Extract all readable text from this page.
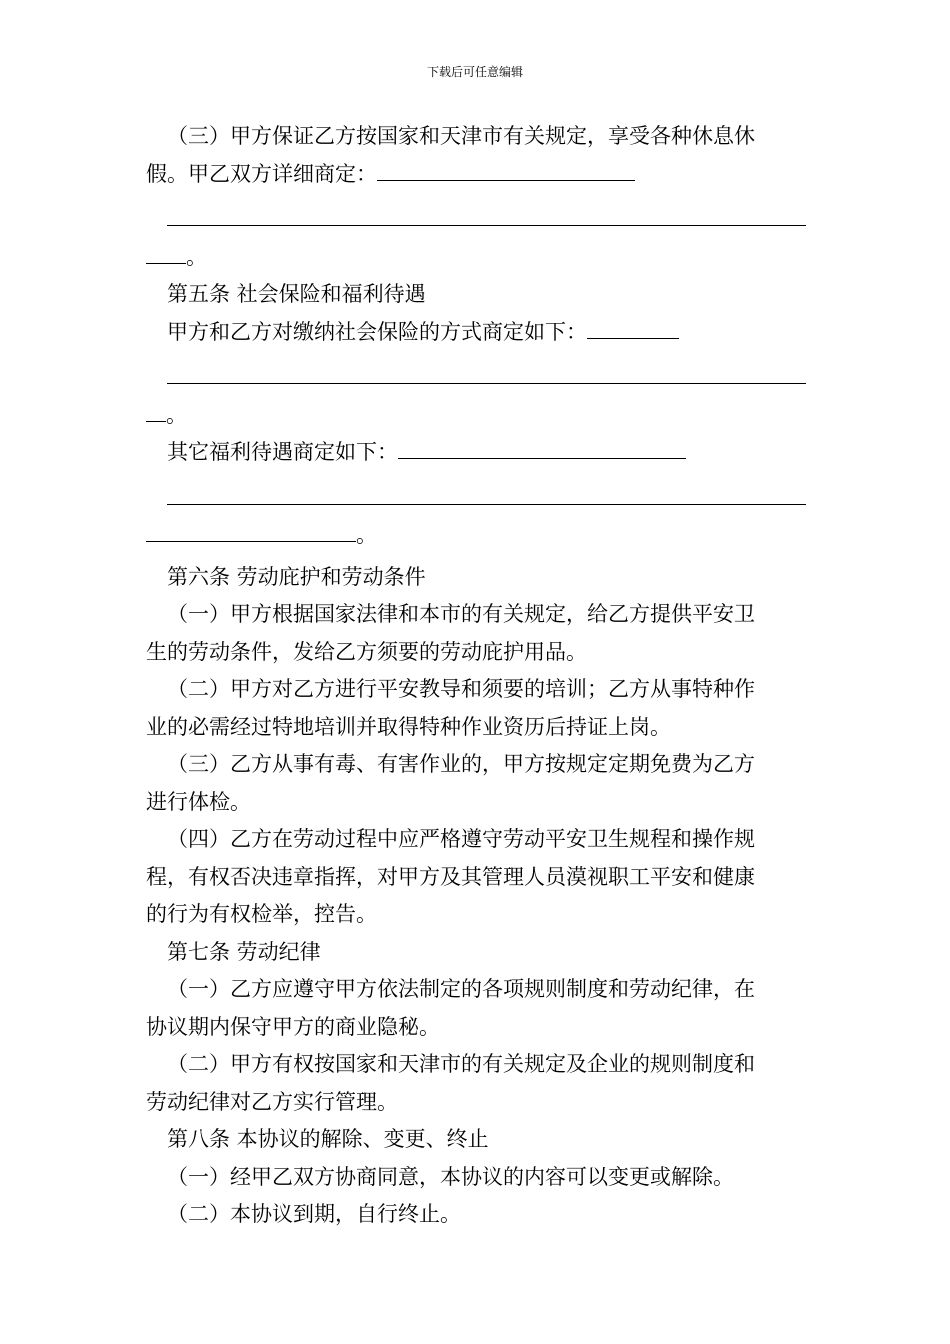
下载后可任意编辑
（三）甲方保证乙方按国家和天津市有关规定，享受各种休息休
假。甲乙双方详细商定：
。
第五条 社会保险和福利待遇
甲方和乙方对缴纳社会保险的方式商定如下：
。
其它福利待遇商定如下：
。
第六条 劳动庇护和劳动条件
（一）甲方根据国家法律和本市的有关规定，给乙方提供平安卫
生的劳动条件，发给乙方须要的劳动庇护用品。
（二）甲方对乙方进行平安教导和须要的培训；乙方从事特种作
业的必需经过特地培训并取得特种作业资历后持证上岗。
（三）乙方从事有毒、有害作业的，甲方按规定定期免费为乙方
进行体检。
（四）乙方在劳动过程中应严格遵守劳动平安卫生规程和操作规
程，有权否决违章指挥，对甲方及其管理人员漠视职工平安和健康
的行为有权检举，控告。
第七条 劳动纪律
（一）乙方应遵守甲方依法制定的各项规则制度和劳动纪律，在
协议期内保守甲方的商业隐秘。
（二）甲方有权按国家和天津市的有关规定及企业的规则制度和
劳动纪律对乙方实行管理。
第八条 本协议的解除、变更、终止
（一）经甲乙双方协商同意，本协议的内容可以变更或解除。
（二）本协议到期，自行终止。
